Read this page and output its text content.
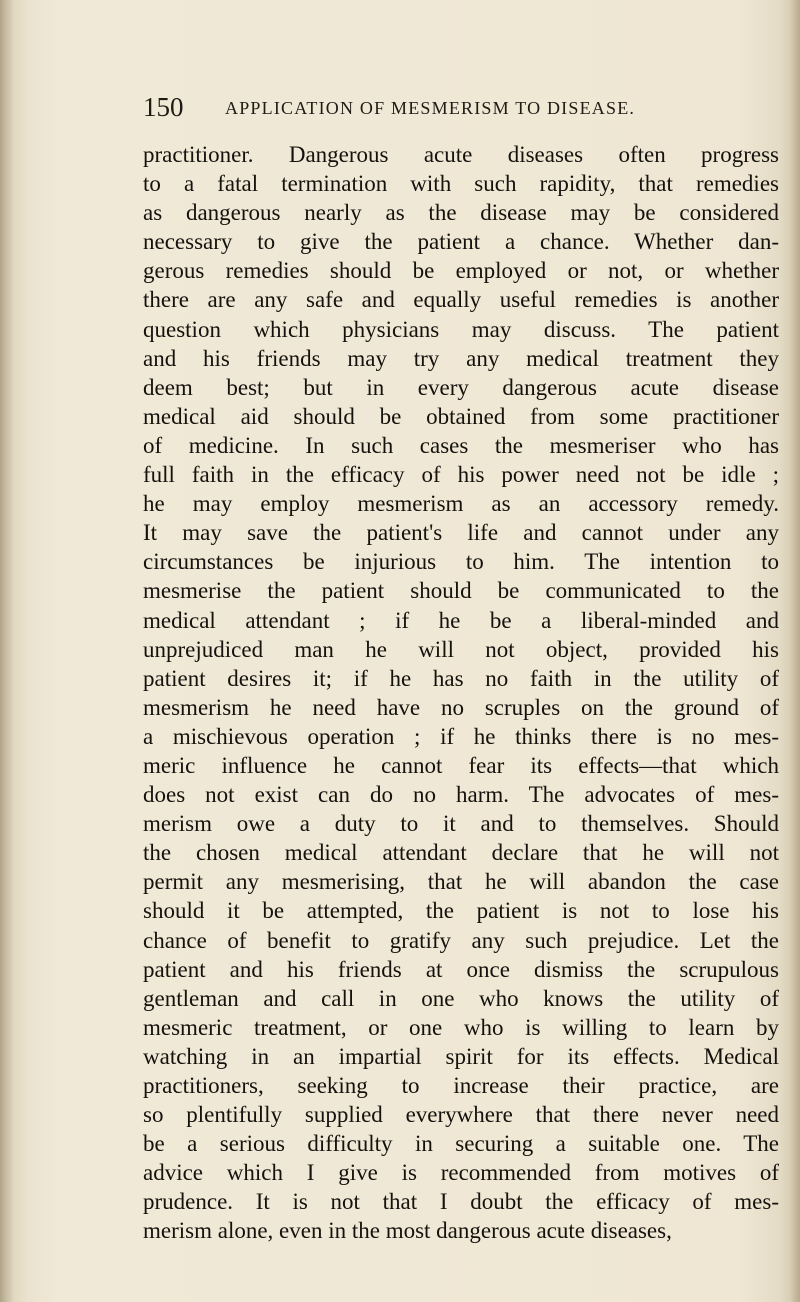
150 APPLICATION OF MESMERISM TO DISEASE.
practitioner. Dangerous acute diseases often progress
to a fatal termination with such rapidity, that remedies
as dangerous nearly as the disease may be considered
necessary to give the patient a chance. Whether dan-
gerous remedies should be employed or not, or whether
there are any safe and equally useful remedies is another
question which physicians may discuss. The patient
and his friends may try any medical treatment they
deem best; but in every dangerous acute disease
medical aid should be obtained from some practitioner
of medicine. In such cases the mesmeriser who has
full faith in the efficacy of his power need not be idle ;
he may employ mesmerism as an accessory remedy.
It may save the patient's life and cannot under any
circumstances be injurious to him. The intention to
mesmerise the patient should be communicated to the
medical attendant ; if he be a liberal-minded and
unprejudiced man he will not object, provided his
patient desires it; if he has no faith in the utility of
mesmerism he need have no scruples on the ground of
a mischievous operation ; if he thinks there is no mes-
meric influence he cannot fear its effects—that which
does not exist can do no harm. The advocates of mes-
merism owe a duty to it and to themselves. Should
the chosen medical attendant declare that he will not
permit any mesmerising, that he will abandon the case
should it be attempted, the patient is not to lose his
chance of benefit to gratify any such prejudice. Let the
patient and his friends at once dismiss the scrupulous
gentleman and call in one who knows the utility of
mesmeric treatment, or one who is willing to learn by
watching in an impartial spirit for its effects. Medical
practitioners, seeking to increase their practice, are
so plentifully supplied everywhere that there never need
be a serious difficulty in securing a suitable one. The
advice which I give is recommended from motives of
prudence. It is not that I doubt the efficacy of mes-
merism alone, even in the most dangerous acute diseases,
